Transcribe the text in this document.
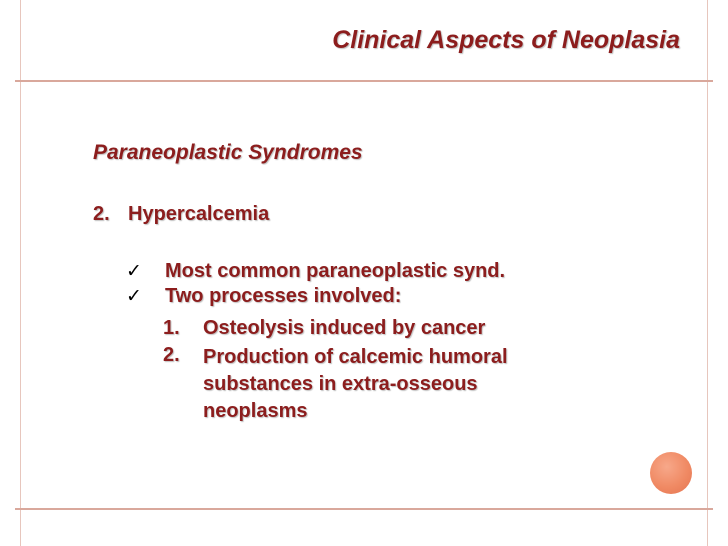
Clinical Aspects of Neoplasia
Paraneoplastic Syndromes
2. Hypercalcemia
✓ Most common paraneoplastic synd.
✓ Two processes involved:
1. Osteolysis induced by cancer
2. Production of calcemic humoral
substances in extra-osseous
neoplasms
